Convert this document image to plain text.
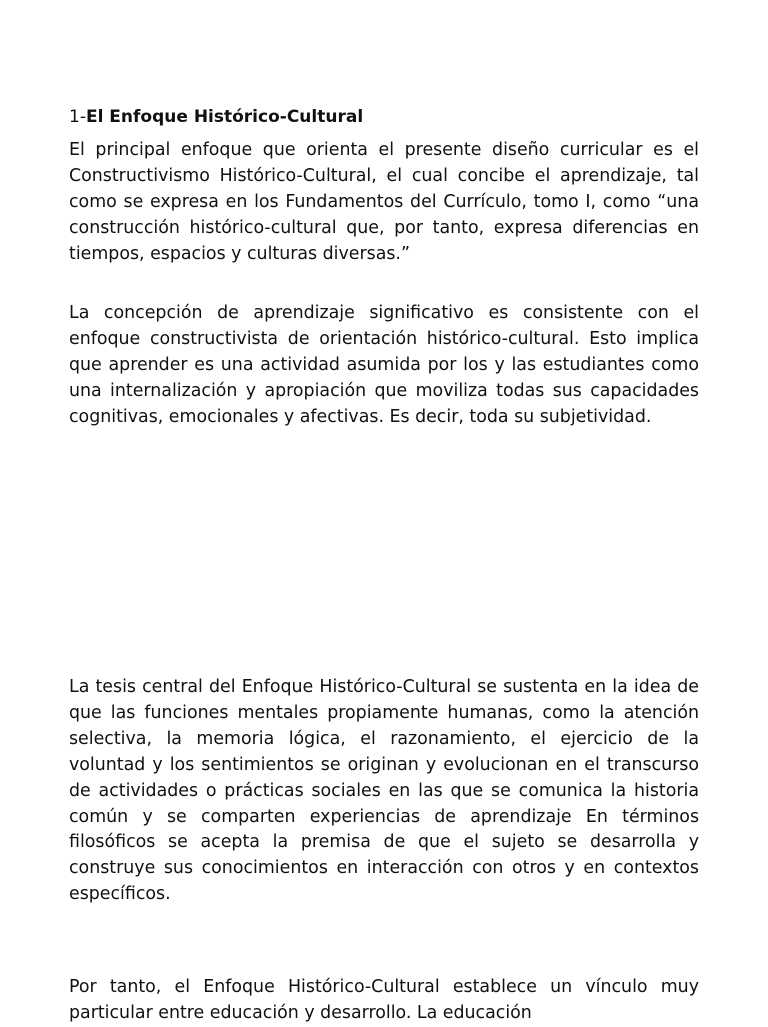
1-El Enfoque Histórico-Cultural

El principal enfoque que orienta el presente diseño curricular es el Constructivismo Histórico-Cultural, el cual concibe el aprendizaje, tal como se expresa en los Fundamentos del Currículo, tomo I, como “una construcción histórico-cultural que, por tanto, expresa diferencias en tiempos, espacios y culturas diversas.”

La concepción de aprendizaje significativo es consistente con el enfoque constructivista de orientación histórico-cultural. Esto implica que aprender es una actividad asumida por los y las estudiantes como una internalización y apropiación que moviliza todas sus capacidades cognitivas, emocionales y afectivas. Es decir, toda su subjetividad.

La tesis central del Enfoque Histórico-Cultural se sustenta en la idea de que las funciones mentales propiamente humanas, como la atención selectiva, la memoria lógica, el razonamiento, el ejercicio de la voluntad y los sentimientos se originan y evolucionan en el transcurso de actividades o prácticas sociales en las que se comunica la historia común y se comparten experiencias de aprendizaje En términos filosóficos se acepta la premisa de que el sujeto se desarrolla y construye sus conocimientos en interacción con otros y en contextos específicos.

Por tanto, el Enfoque Histórico-Cultural establece un vínculo muy particular entre educación y desarrollo. La educación
